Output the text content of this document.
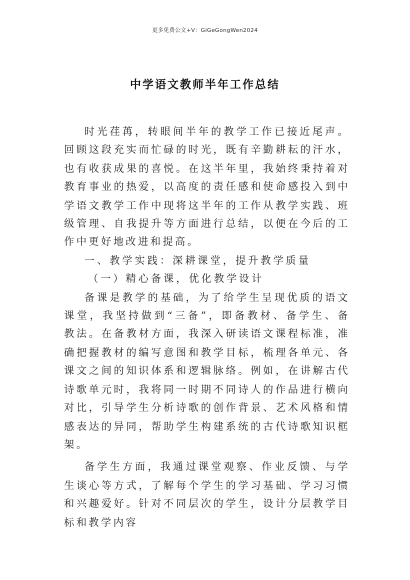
更多免费公文+V：GiGeGongWen2024
中学语文教师半年工作总结

时光荏苒，转眼间半年的教学工作已接近尾声。回顾这段充实而忙碌的时光，既有辛勤耕耘的汗水，也有收获成果的喜悦。在这半年里，我始终秉持着对教育事业的热爱，以高度的责任感和使命感投入到中学语文教学工作中现将这半年的工作从教学实践、班级管理、自我提升等方面进行总结，以便在今后的工作中更好地改进和提高。

一、教学实践：深耕课堂，提升教学质量

（一）精心备课，优化教学设计

备课是教学的基础，为了给学生呈现优质的语文课堂，我坚持做到“三备”，即备教材、备学生、备教法。在备教材方面，我深入研读语文课程标准，准确把握教材的编写意图和教学目标，梳理各单元、各课文之间的知识体系和逻辑脉络。例如，在讲解古代诗歌单元时，我将同一时期不同诗人的作品进行横向对比，引导学生分析诗歌的创作背景、艺术风格和情感表达的异同，帮助学生构建系统的古代诗歌知识框架。

备学生方面，我通过课堂观察、作业反馈、与学生谈心等方式，了解每个学生的学习基础、学习习惯和兴趣爱好。针对不同层次的学生，设计分层教学目标和教学内容
